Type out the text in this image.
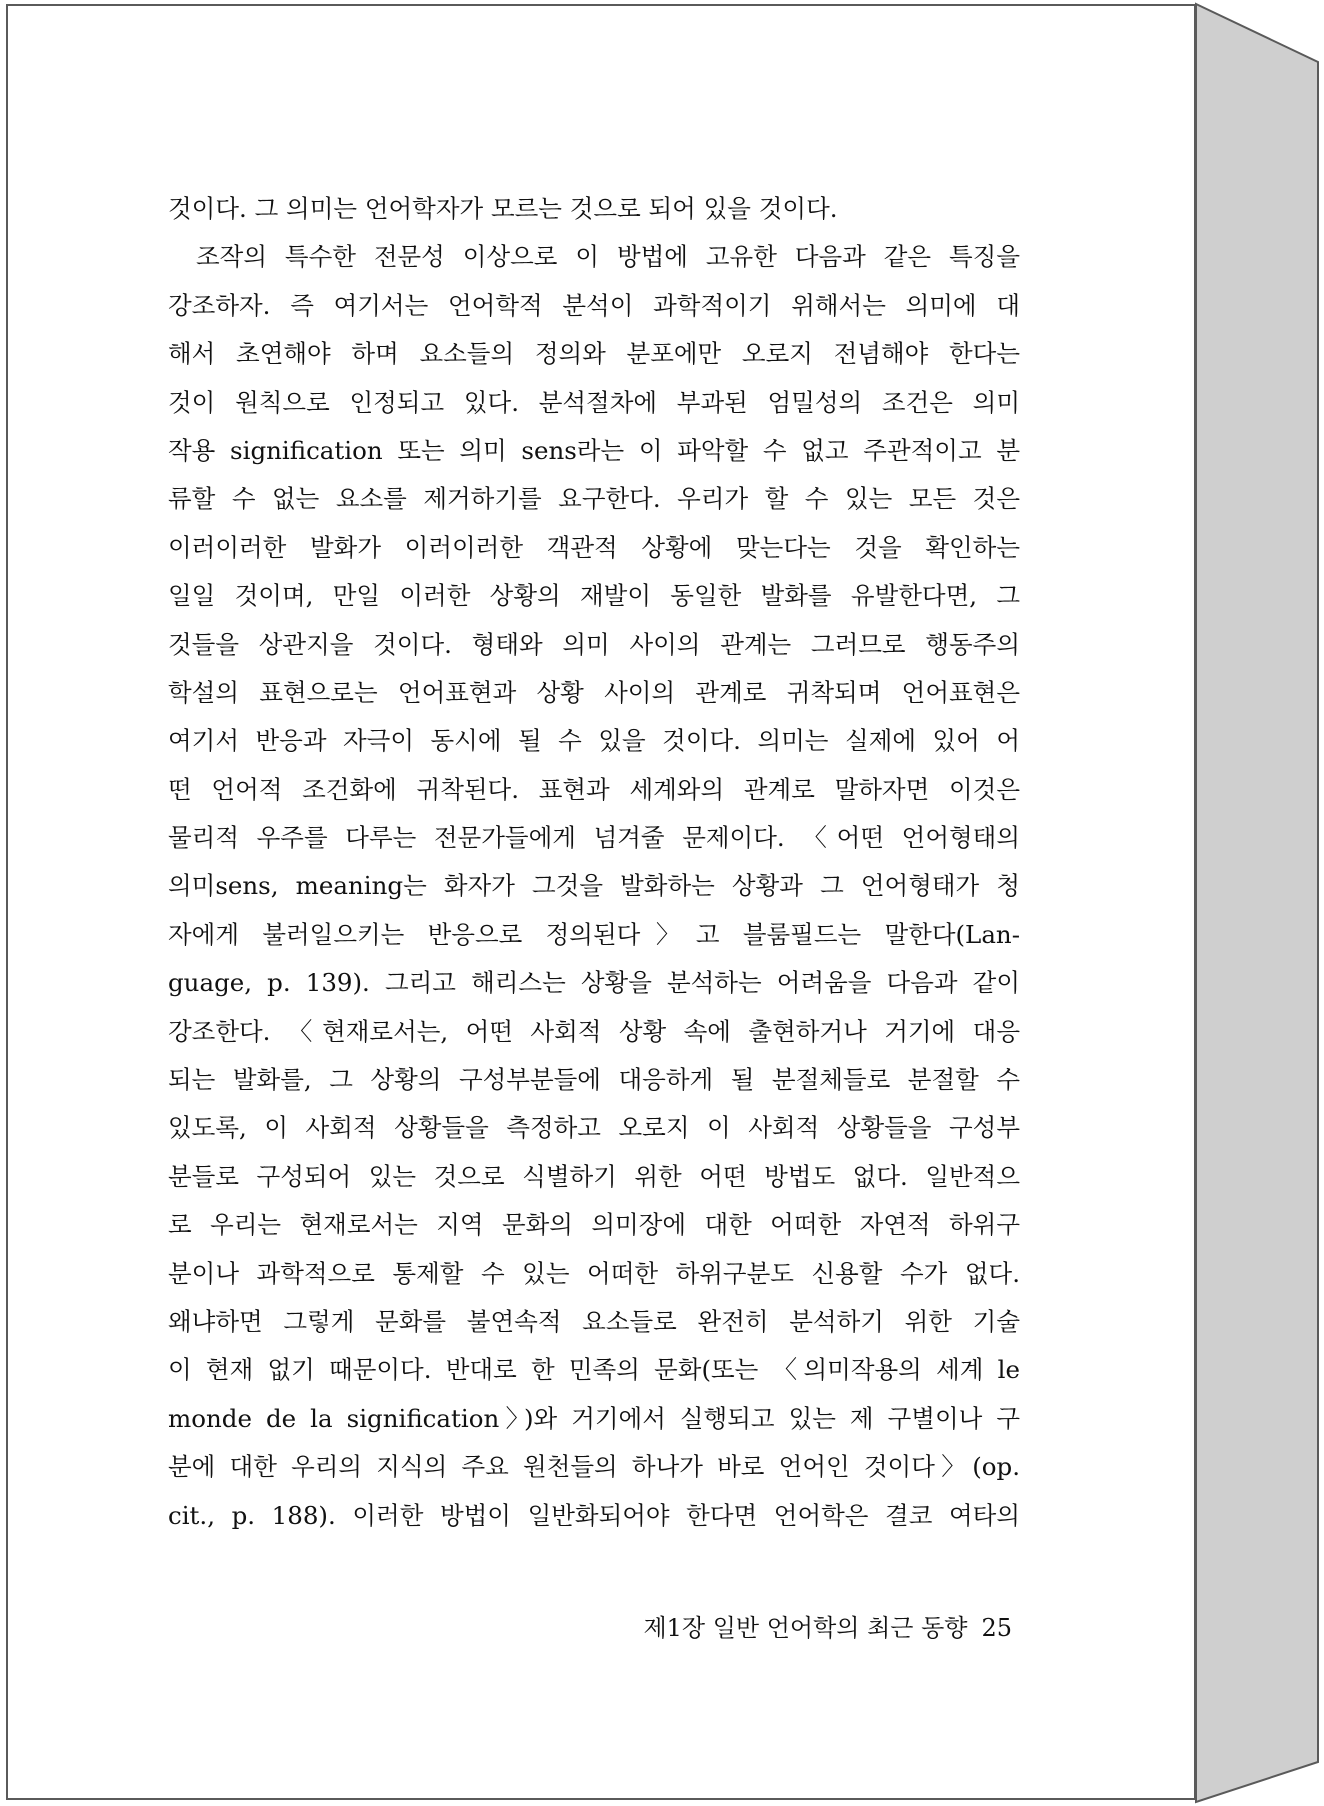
것이다. 그 의미는 언어학자가 모르는 것으로 되어 있을 것이다.
조작의 특수한 전문성 이상으로 이 방법에 고유한 다음과 같은 특징을
강조하자. 즉 여기서는 언어학적 분석이 과학적이기 위해서는 의미에 대
해서 초연해야 하며 요소들의 정의와 분포에만 오로지 전념해야 한다는
것이 원칙으로 인정되고 있다. 분석절차에 부과된 엄밀성의 조건은 의미
작용 signification 또는 의미 sens라는 이 파악할 수 없고 주관적이고 분
류할 수 없는 요소를 제거하기를 요구한다. 우리가 할 수 있는 모든 것은
이러이러한 발화가 이러이러한 객관적 상황에 맞는다는 것을 확인하는
일일 것이며, 만일 이러한 상황의 재발이 동일한 발화를 유발한다면, 그
것들을 상관지을 것이다. 형태와 의미 사이의 관계는 그러므로 행동주의
학설의 표현으로는 언어표현과 상황 사이의 관계로 귀착되며 언어표현은
여기서 반응과 자극이 동시에 될 수 있을 것이다. 의미는 실제에 있어 어
떤 언어적 조건화에 귀착된다. 표현과 세계와의 관계로 말하자면 이것은
물리적 우주를 다루는 전문가들에게 넘겨줄 문제이다. 〈어떤 언어형태의
의미sens, meaning는 화자가 그것을 발화하는 상황과 그 언어형태가 청
자에게 불러일으키는 반응으로 정의된다〉고 블룸필드는 말한다(Lan-
guage, p. 139). 그리고 해리스는 상황을 분석하는 어려움을 다음과 같이
강조한다. 〈현재로서는, 어떤 사회적 상황 속에 출현하거나 거기에 대응
되는 발화를, 그 상황의 구성부분들에 대응하게 될 분절체들로 분절할 수
있도록, 이 사회적 상황들을 측정하고 오로지 이 사회적 상황들을 구성부
분들로 구성되어 있는 것으로 식별하기 위한 어떤 방법도 없다. 일반적으
로 우리는 현재로서는 지역 문화의 의미장에 대한 어떠한 자연적 하위구
분이나 과학적으로 통제할 수 있는 어떠한 하위구분도 신용할 수가 없다.
왜냐하면 그렇게 문화를 불연속적 요소들로 완전히 분석하기 위한 기술
이 현재 없기 때문이다. 반대로 한 민족의 문화(또는 〈의미작용의 세계 le
monde de la signification〉)와 거기에서 실행되고 있는 제 구별이나 구
분에 대한 우리의 지식의 주요 원천들의 하나가 바로 언어인 것이다〉(op.
cit., p. 188). 이러한 방법이 일반화되어야 한다면 언어학은 결코 여타의
제1장 일반 언어학의 최근 동향 25
